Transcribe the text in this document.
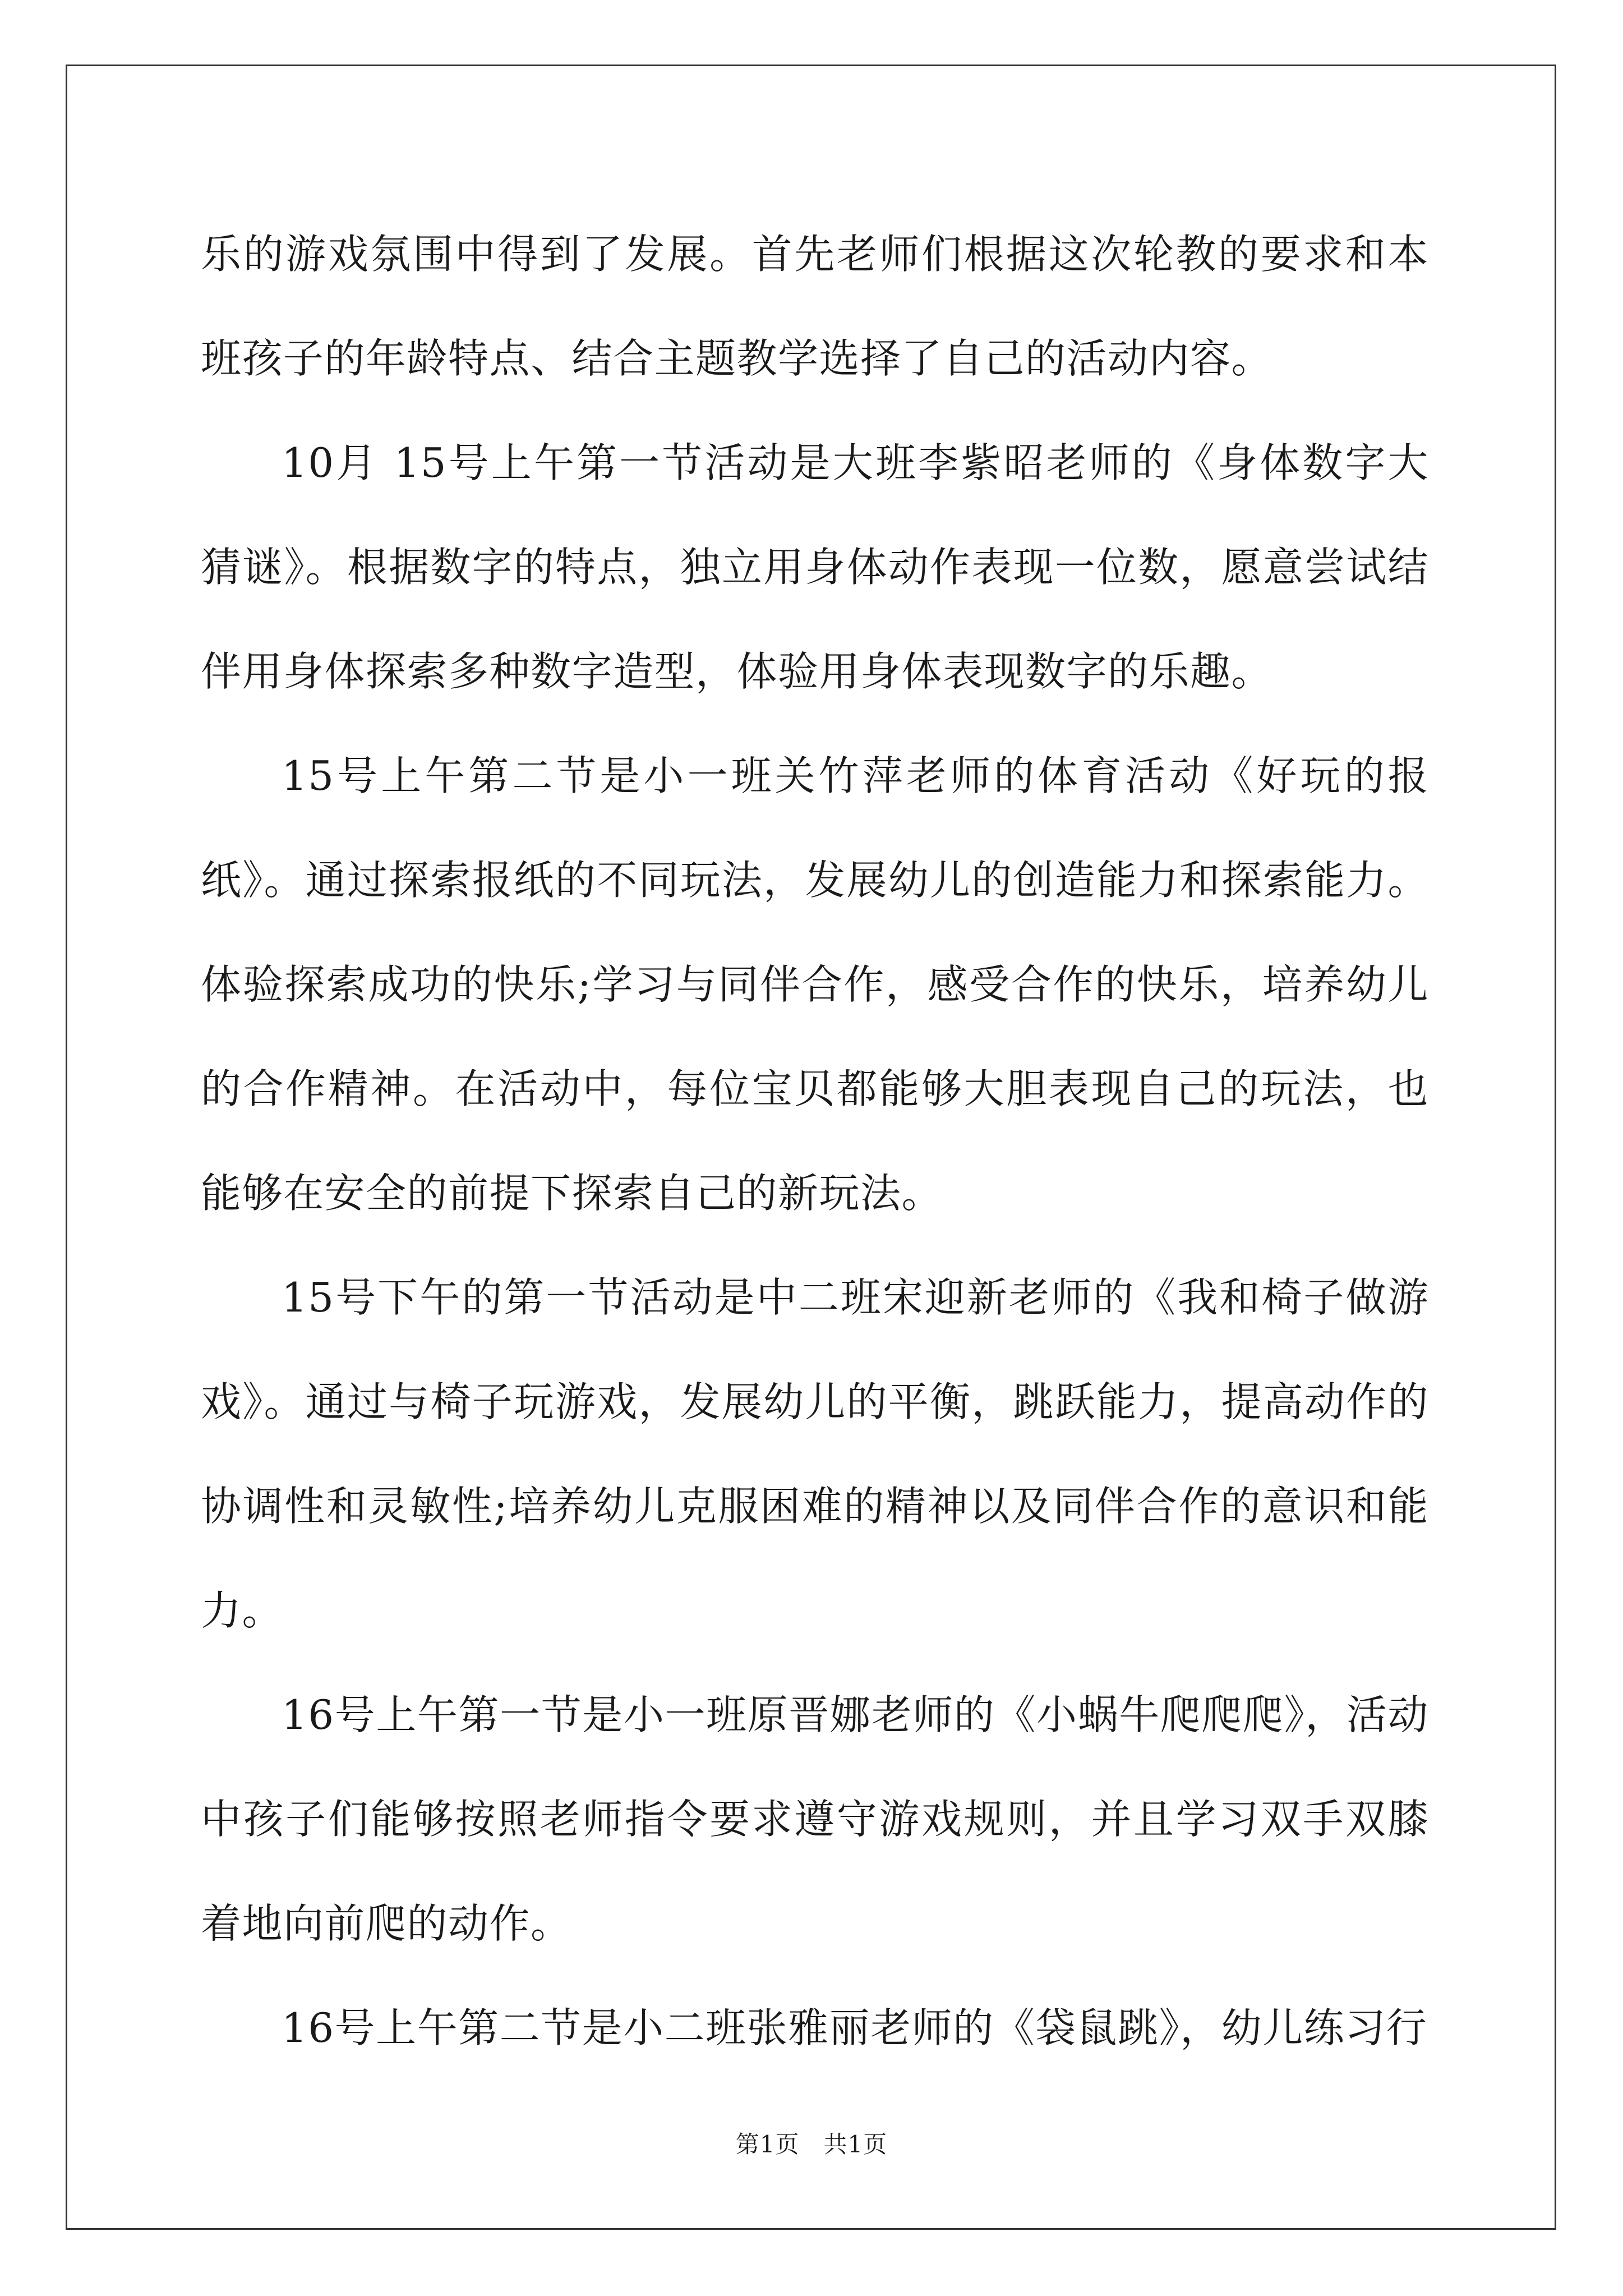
乐的游戏氛围中得到了发展。首先老师们根据这次轮教的要求和本班孩子的年龄特点、结合主题教学选择了自己的活动内容。

10月 15号上午第一节活动是大班李紫昭老师的《身体数字大猜谜》。根据数字的特点，独立用身体动作表现一位数，愿意尝试结伴用身体探索多种数字造型，体验用身体表现数字的乐趣。

15号上午第二节是小一班关竹萍老师的体育活动《好玩的报纸》。通过探索报纸的不同玩法，发展幼儿的创造能力和探索能力。体验探索成功的快乐;学习与同伴合作，感受合作的快乐，培养幼儿的合作精神。在活动中，每位宝贝都能够大胆表现自己的玩法，也能够在安全的前提下探索自己的新玩法。

15号下午的第一节活动是中二班宋迎新老师的《我和椅子做游戏》。通过与椅子玩游戏，发展幼儿的平衡，跳跃能力，提高动作的协调性和灵敏性;培养幼儿克服困难的精神以及同伴合作的意识和能力。

16号上午第一节是小一班原晋娜老师的《小蜗牛爬爬爬》，活动中孩子们能够按照老师指令要求遵守游戏规则，并且学习双手双膝着地向前爬的动作。

16号上午第二节是小二班张雅丽老师的《袋鼠跳》，幼儿练习行

第1页　共1页
